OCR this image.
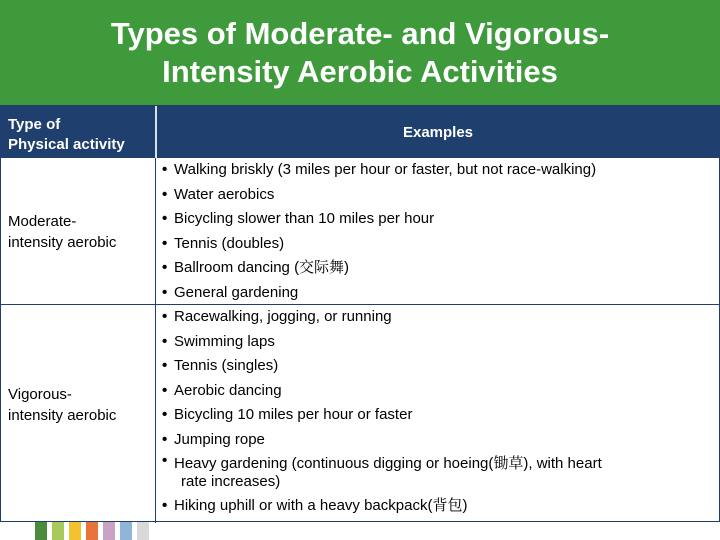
Types of Moderate- and Vigorous-
Intensity Aerobic Activities
Type of
Physical activity
Examples
Moderate-
intensity aerobic
Vigorous-
intensity aerobic
• Walking briskly (3 miles per hour or faster, but not race-walking)
• Water aerobics
• Bicycling slower than 10 miles per hour
• Tennis (doubles)
• Ballroom dancing (交际舞)
• General gardening
• Racewalking, jogging, or running
• Swimming laps
• Tennis (singles)
• Aerobic dancing
• Bicycling 10 miles per hour or faster
• Jumping rope
• Heavy gardening (continuous digging or hoeing(锄草), with heart
rate increases)
• Hiking uphill or with a heavy backpack(背包)
